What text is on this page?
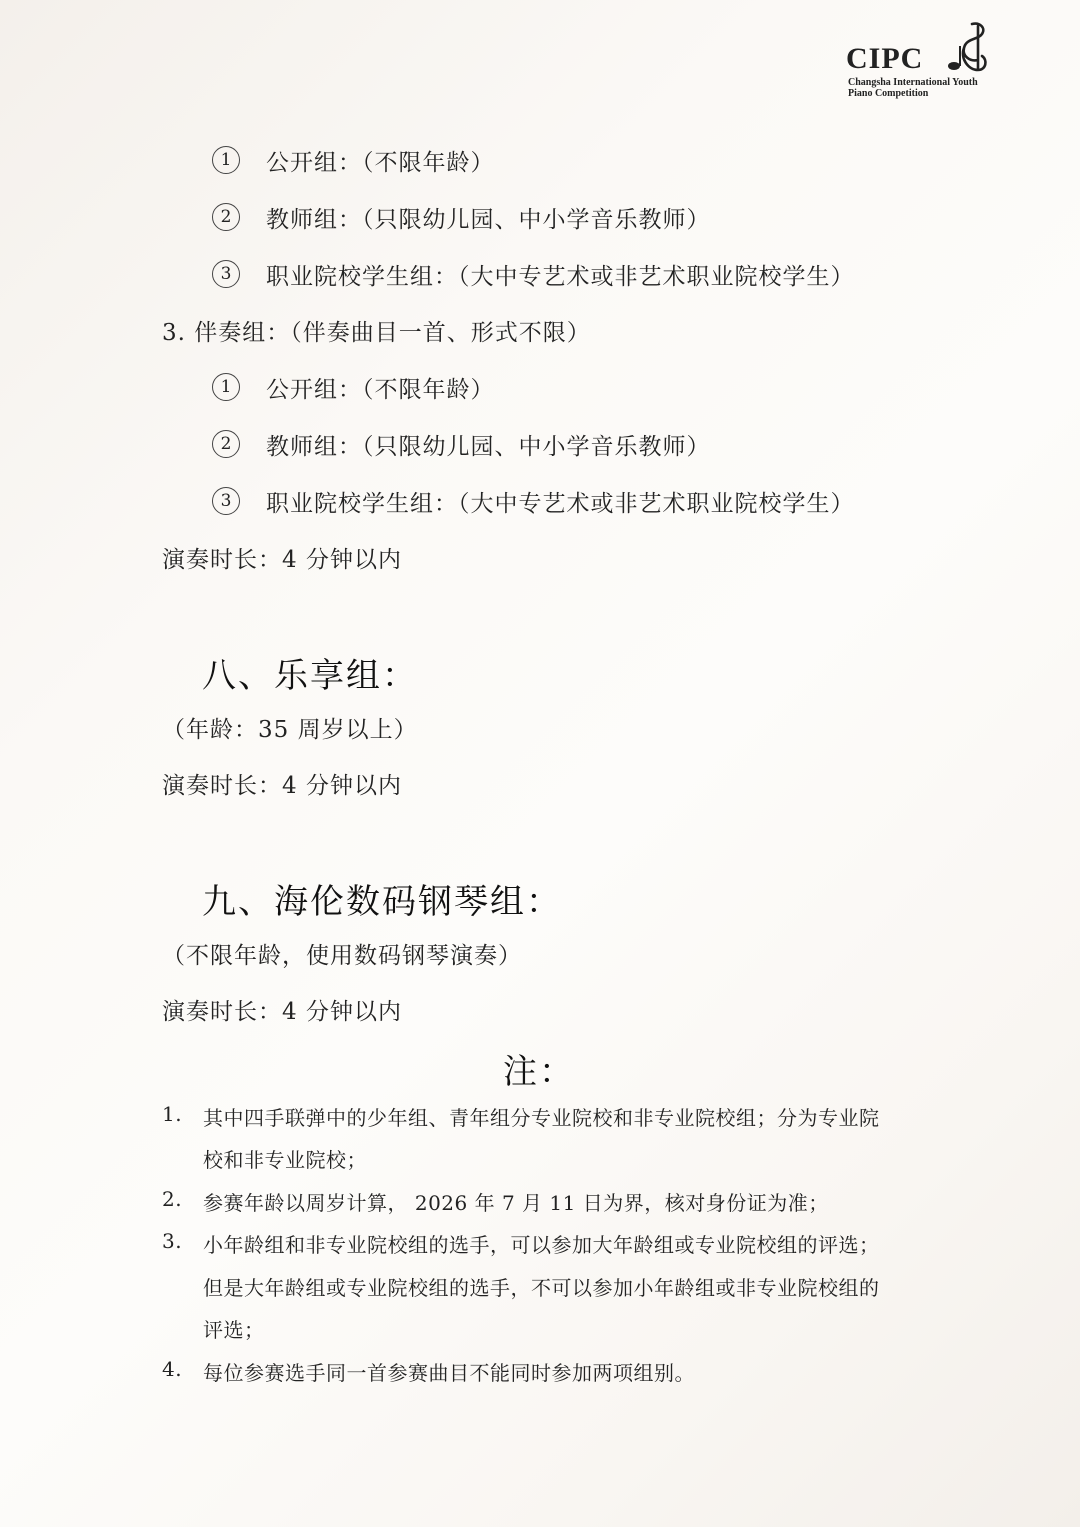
CIPC
Changsha International Youth
Piano Competition
1	公开组：（不限年龄）
2	教师组：（只限幼儿园、中小学音乐教师）
3	职业院校学生组：（大中专艺术或非艺术职业院校学生）
3. 伴奏组：（伴奏曲目一首、形式不限）
1	公开组：（不限年龄）
2	教师组：（只限幼儿园、中小学音乐教师）
3	职业院校学生组：（大中专艺术或非艺术职业院校学生）
演奏时长：4 分钟以内
八、乐享组：
（年龄：35 周岁以上）
演奏时长：4 分钟以内
九、海伦数码钢琴组：
（不限年龄，使用数码钢琴演奏）
演奏时长：4 分钟以内
注：
1. 其中四手联弹中的少年组、青年组分专业院校和非专业院校组；分为专业院
校和非专业院校；
2. 参赛年龄以周岁计算， 2026 年 7 月 11 日为界，核对身份证为准；
3. 小年龄组和非专业院校组的选手，可以参加大年龄组或专业院校组的评选；
但是大年龄组或专业院校组的选手，不可以参加小年龄组或非专业院校组的
评选；
4. 每位参赛选手同一首参赛曲目不能同时参加两项组别。
